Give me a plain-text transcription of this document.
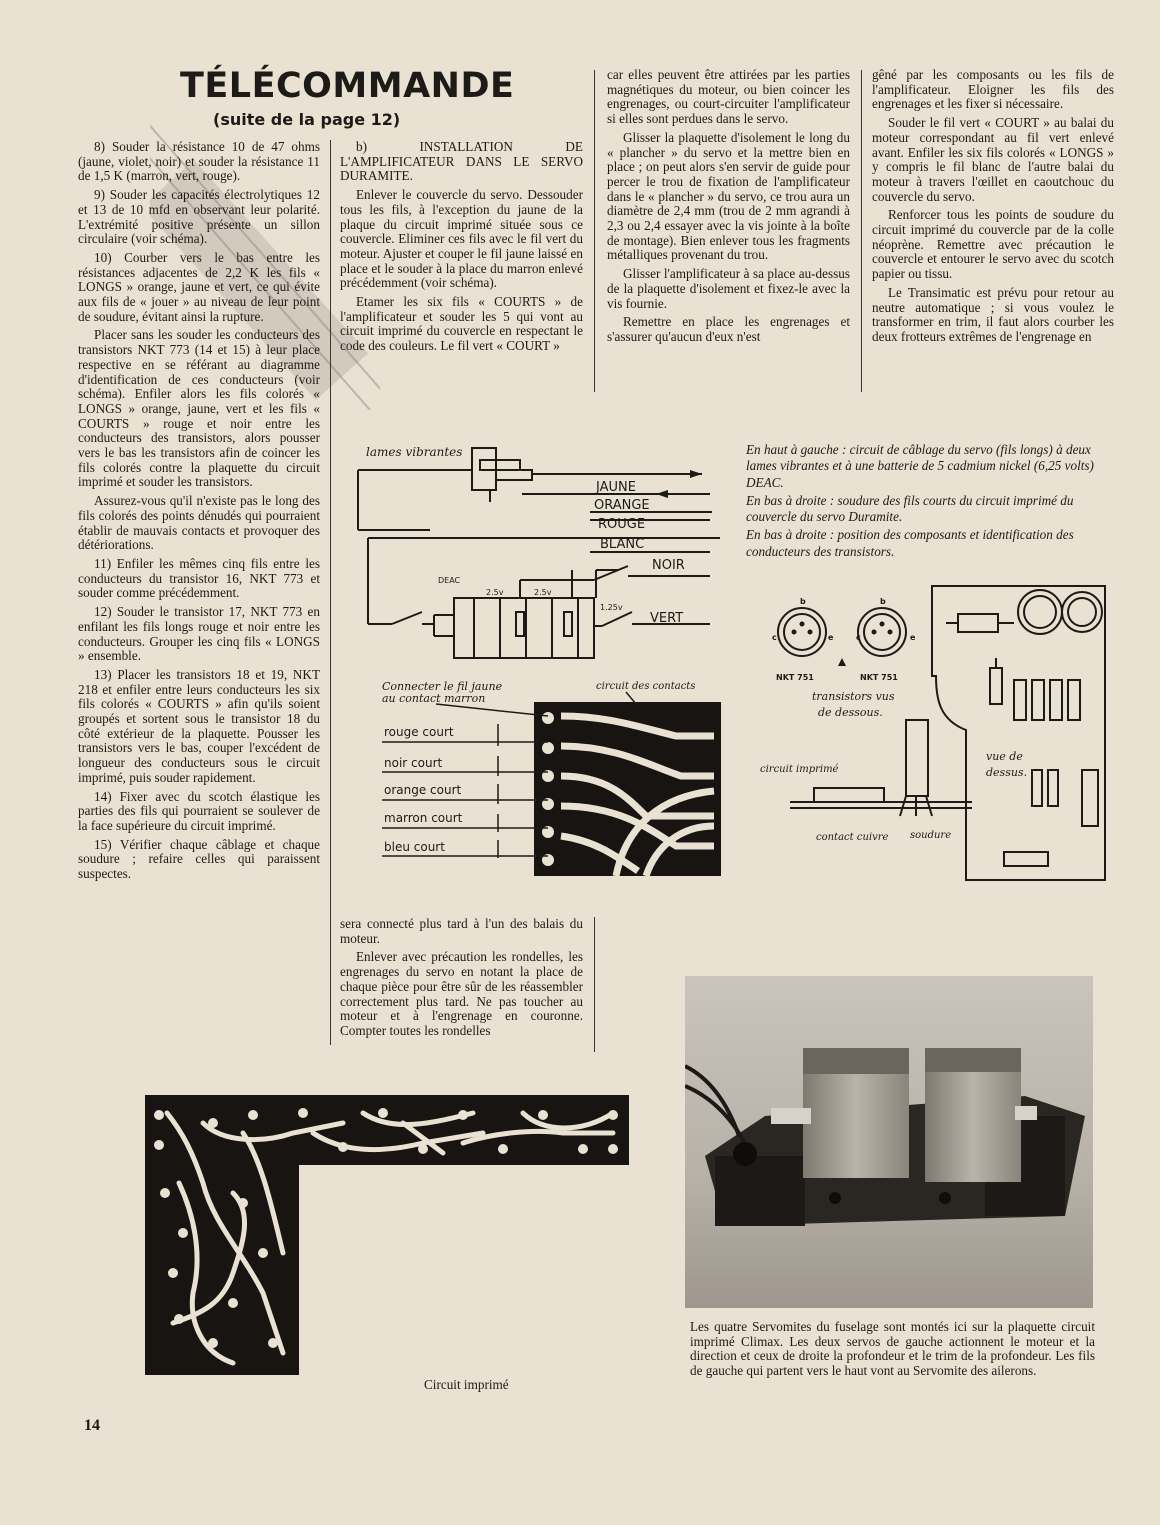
TÉLÉCOMMANDE
(suite de la page 12)

8) Souder la résistance 10 de 47 ohms (jaune, violet, noir) et souder la résistance 11 de 1,5 K (marron, vert, rouge).

9) Souder les capacités électrolytiques 12 et 13 de 10 mfd en observant leur polarité. L'extrémité positive présente un sillon circulaire (voir schéma).

10) Courber vers le bas entre les résistances adjacentes de 2,2 K les fils « LONGS » orange, jaune et vert, ce qui évite aux fils de « jouer » au niveau de leur point de soudure, évitant ainsi la rupture.

Placer sans les souder les conducteurs des transistors NKT 773 (14 et 15) à leur place respective en se référant au diagramme d'identification de ces conducteurs (voir schéma). Enfiler alors les fils colorés « LONGS » orange, jaune, vert et les fils « COURTS » rouge et noir entre les conducteurs des transistors, alors pousser vers le bas les transistors afin de coincer les fils colorés contre la plaquette du circuit imprimé et souder les transistors.

Assurez-vous qu'il n'existe pas le long des fils colorés des points dénudés qui pourraient établir de mauvais contacts et provoquer des détériorations.

11) Enfiler les mêmes cinq fils entre les conducteurs du transistor 16, NKT 773 et souder comme précédemment.

12) Souder le transistor 17, NKT 773 en enfilant les fils longs rouge et noir entre les conducteurs. Grouper les cinq fils « LONGS » ensemble.

13) Placer les transistors 18 et 19, NKT 218 et enfiler entre leurs conducteurs les six fils colorés « COURTS » afin qu'ils soient groupés et sortent sous le transistor 18 du côté extérieur de la plaquette. Pousser les transistors vers le bas, couper l'excédent de longueur des conducteurs sous le circuit imprimé, puis souder rapidement.

14) Fixer avec du scotch élastique les parties des fils qui pourraient se soulever de la face supérieure du circuit imprimé.

15) Vérifier chaque câblage et chaque soudure ; refaire celles qui paraissent suspectes.

b) INSTALLATION DE L'AMPLIFICATEUR DANS LE SERVO DURAMITE.

Enlever le couvercle du servo. Dessouder tous les fils, à l'exception du jaune de la plaque du circuit imprimé située sous ce couvercle. Eliminer ces fils avec le fil vert du moteur. Ajuster et couper le fil jaune laissé en place et le souder à la place du marron enlevé précédemment (voir schéma).

Etamer les six fils « COURTS » de l'amplificateur et souder les 5 qui vont au circuit imprimé du couvercle en respectant le code des couleurs. Le fil vert « COURT »

sera connecté plus tard à l'un des balais du moteur.

Enlever avec précaution les rondelles, les engrenages du servo en notant la place de chaque pièce pour être sûr de les réassembler correctement plus tard. Ne pas toucher au moteur et à l'engrenage en couronne. Compter toutes les rondelles

car elles peuvent être attirées par les parties magnétiques du moteur, ou bien coincer les engrenages, ou court-circuiter l'amplificateur si elles sont perdues dans le servo.

Glisser la plaquette d'isolement le long du « plancher » du servo et la mettre bien en place ; on peut alors s'en servir de guide pour percer le trou de fixation de l'amplificateur dans le « plancher » du servo, ce trou aura un diamètre de 2,4 mm (trou de 2 mm agrandi à 2,3 ou 2,4 essayer avec la vis jointe à la boîte de montage). Bien enlever tous les fragments métalliques provenant du trou.

Glisser l'amplificateur à sa place au-dessus de la plaquette d'isolement et fixez-le avec la vis fournie.

Remettre en place les engrenages et s'assurer qu'aucun d'eux n'est

gêné par les composants ou les fils de l'amplificateur. Eloigner les fils des engrenages et les fixer si nécessaire.

Souder le fil vert « COURT » au balai du moteur correspondant au fil vert enlevé avant. Enfiler les six fils colorés « LONGS » y compris le fil blanc de l'autre balai du moteur à travers l'œillet en caoutchouc du couvercle du servo.

Renforcer tous les points de soudure du circuit imprimé du couvercle par de la colle néoprène. Remettre avec précaution le couvercle et entourer le servo avec du scotch papier ou tissu.

Le Transimatic est prévu pour retour au neutre automatique ; si vous voulez le transformer en trim, il faut alors courber les deux frotteurs extrêmes de l'engrenage en

En haut à gauche : circuit de câblage du servo (fils longs) à deux lames vibrantes et à une batterie de 5 cadmium nickel (6,25 volts) DEAC.
En bas à droite : soudure des fils courts du circuit imprimé du couvercle du servo Duramite.
En bas à droite : position des composants et identification des conducteurs des transistors.
lames vibrantes
JAUNE
ORANGE
ROUGE
BLANC
NOIR
VERT
DEAC
2.5v	2.5v
1.25v
Connecter le fil jaune
au contact marron
circuit des contacts
rouge court
noir court
orange court
marron court
bleu court
b	b
c	e	c	e
NKT 751	NKT 751
transistors vus
de dessous.
vue de
dessus.
circuit imprimé
contact cuivre soudure
Circuit imprimé
Les quatre Servomites du fuselage sont montés ici sur la plaquette circuit imprimé Climax. Les deux servos de gauche actionnent le moteur et la direction et ceux de droite la profondeur et le trim de la profondeur. Les fils de gauche qui partent vers le haut vont au Servomite des ailerons.
14
